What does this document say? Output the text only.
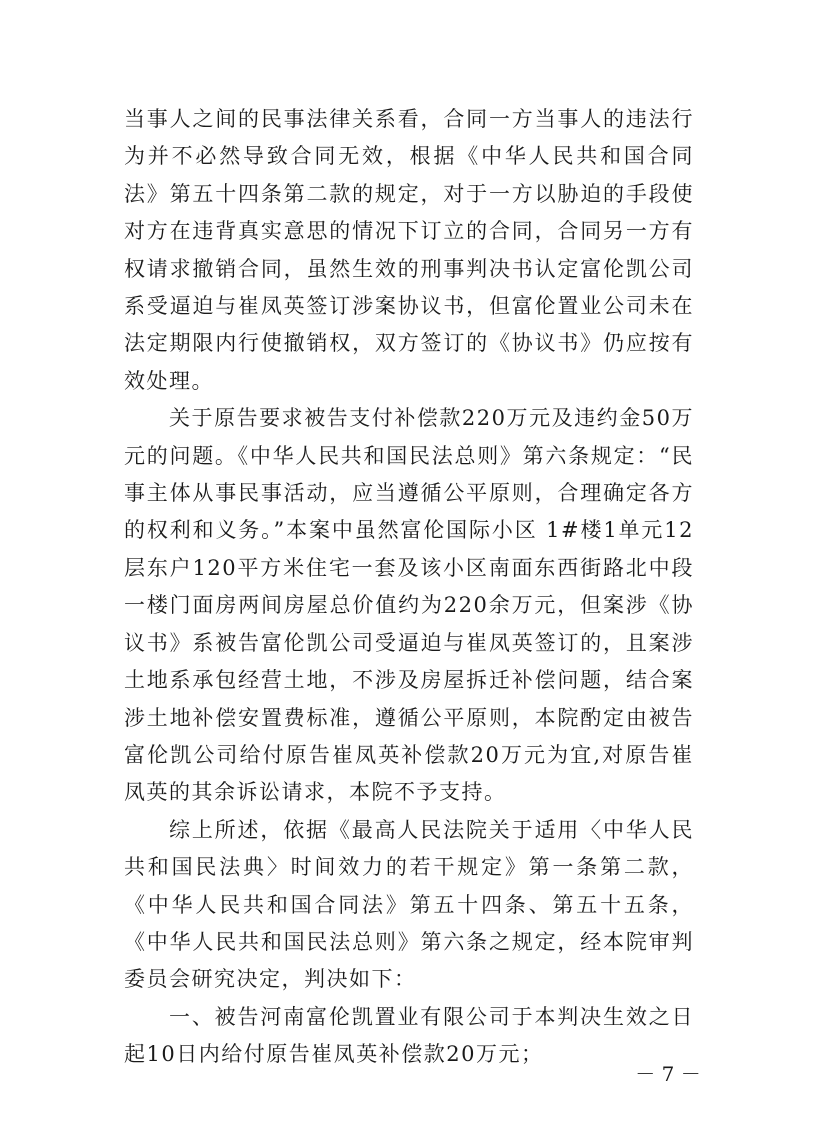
当事人之间的民事法律关系看，合同一方当事人的违法行为并不必然导致合同无效，根据《中华人民共和国合同法》第五十四条第二款的规定，对于一方以胁迫的手段使对方在违背真实意思的情况下订立的合同，合同另一方有权请求撤销合同，虽然生效的刑事判决书认定富伦凯公司系受逼迫与崔凤英签订涉案协议书，但富伦置业公司未在法定期限内行使撤销权，双方签订的《协议书》仍应按有效处理。

关于原告要求被告支付补偿款220万元及违约金50万元的问题。《中华人民共和国民法总则》第六条规定：“民事主体从事民事活动，应当遵循公平原则，合理确定各方的权利和义务。”本案中虽然富伦国际小区 1#楼1单元12层东户120平方米住宅一套及该小区南面东西街路北中段一楼门面房两间房屋总价值约为220余万元，但案涉《协议书》系被告富伦凯公司受逼迫与崔凤英签订的，且案涉土地系承包经营土地，不涉及房屋拆迁补偿问题，结合案涉土地补偿安置费标准，遵循公平原则，本院酌定由被告富伦凯公司给付原告崔凤英补偿款20万元为宜,对原告崔凤英的其余诉讼请求，本院不予支持。

综上所述，依据《最高人民法院关于适用〈中华人民共和国民法典〉时间效力的若干规定》第一条第二款，《中华人民共和国合同法》第五十四条、第五十五条，《中华人民共和国民法总则》第六条之规定，经本院审判委员会研究决定，判决如下：

一、被告河南富伦凯置业有限公司于本判决生效之日起10日内给付原告崔凤英补偿款20万元；

－ 7 －
